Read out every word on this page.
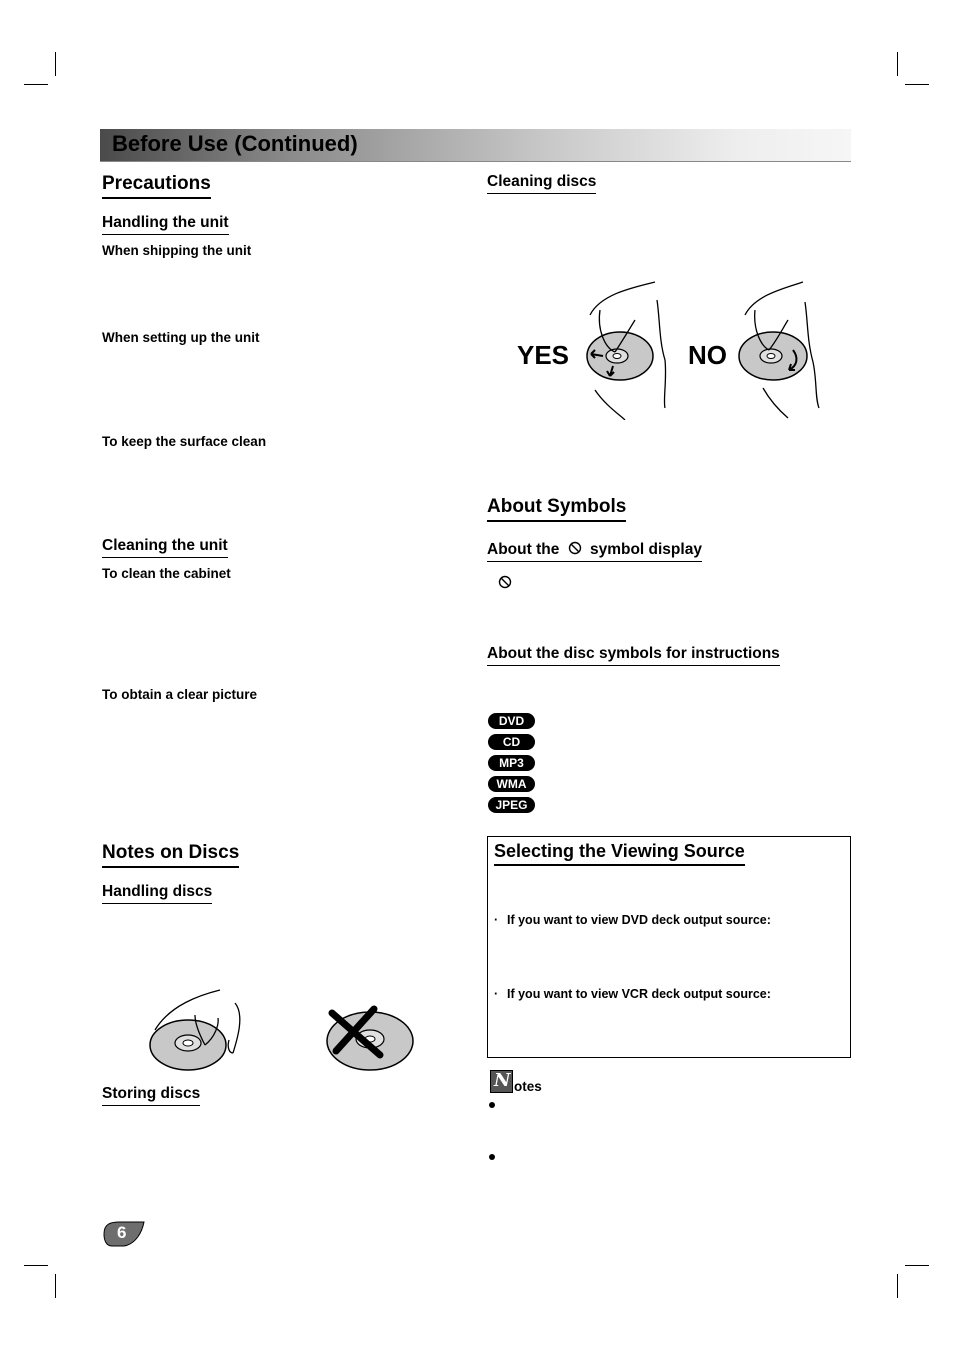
Before Use (Continued)
Precautions
Handling the unit
When shipping the unit
When setting up the unit
To keep the surface clean
Cleaning the unit
To clean the cabinet
To obtain a clear picture
Notes on Discs
Handling discs
Storing discs
Cleaning discs
YES	NO
About Symbols
About the symbol display
About the disc symbols for instructions
DVD
CD
MP3
WMA
JPEG
Selecting the Viewing Source
· If you want to view DVD deck output source:
· If you want to view VCR deck output source:
N otes
6
